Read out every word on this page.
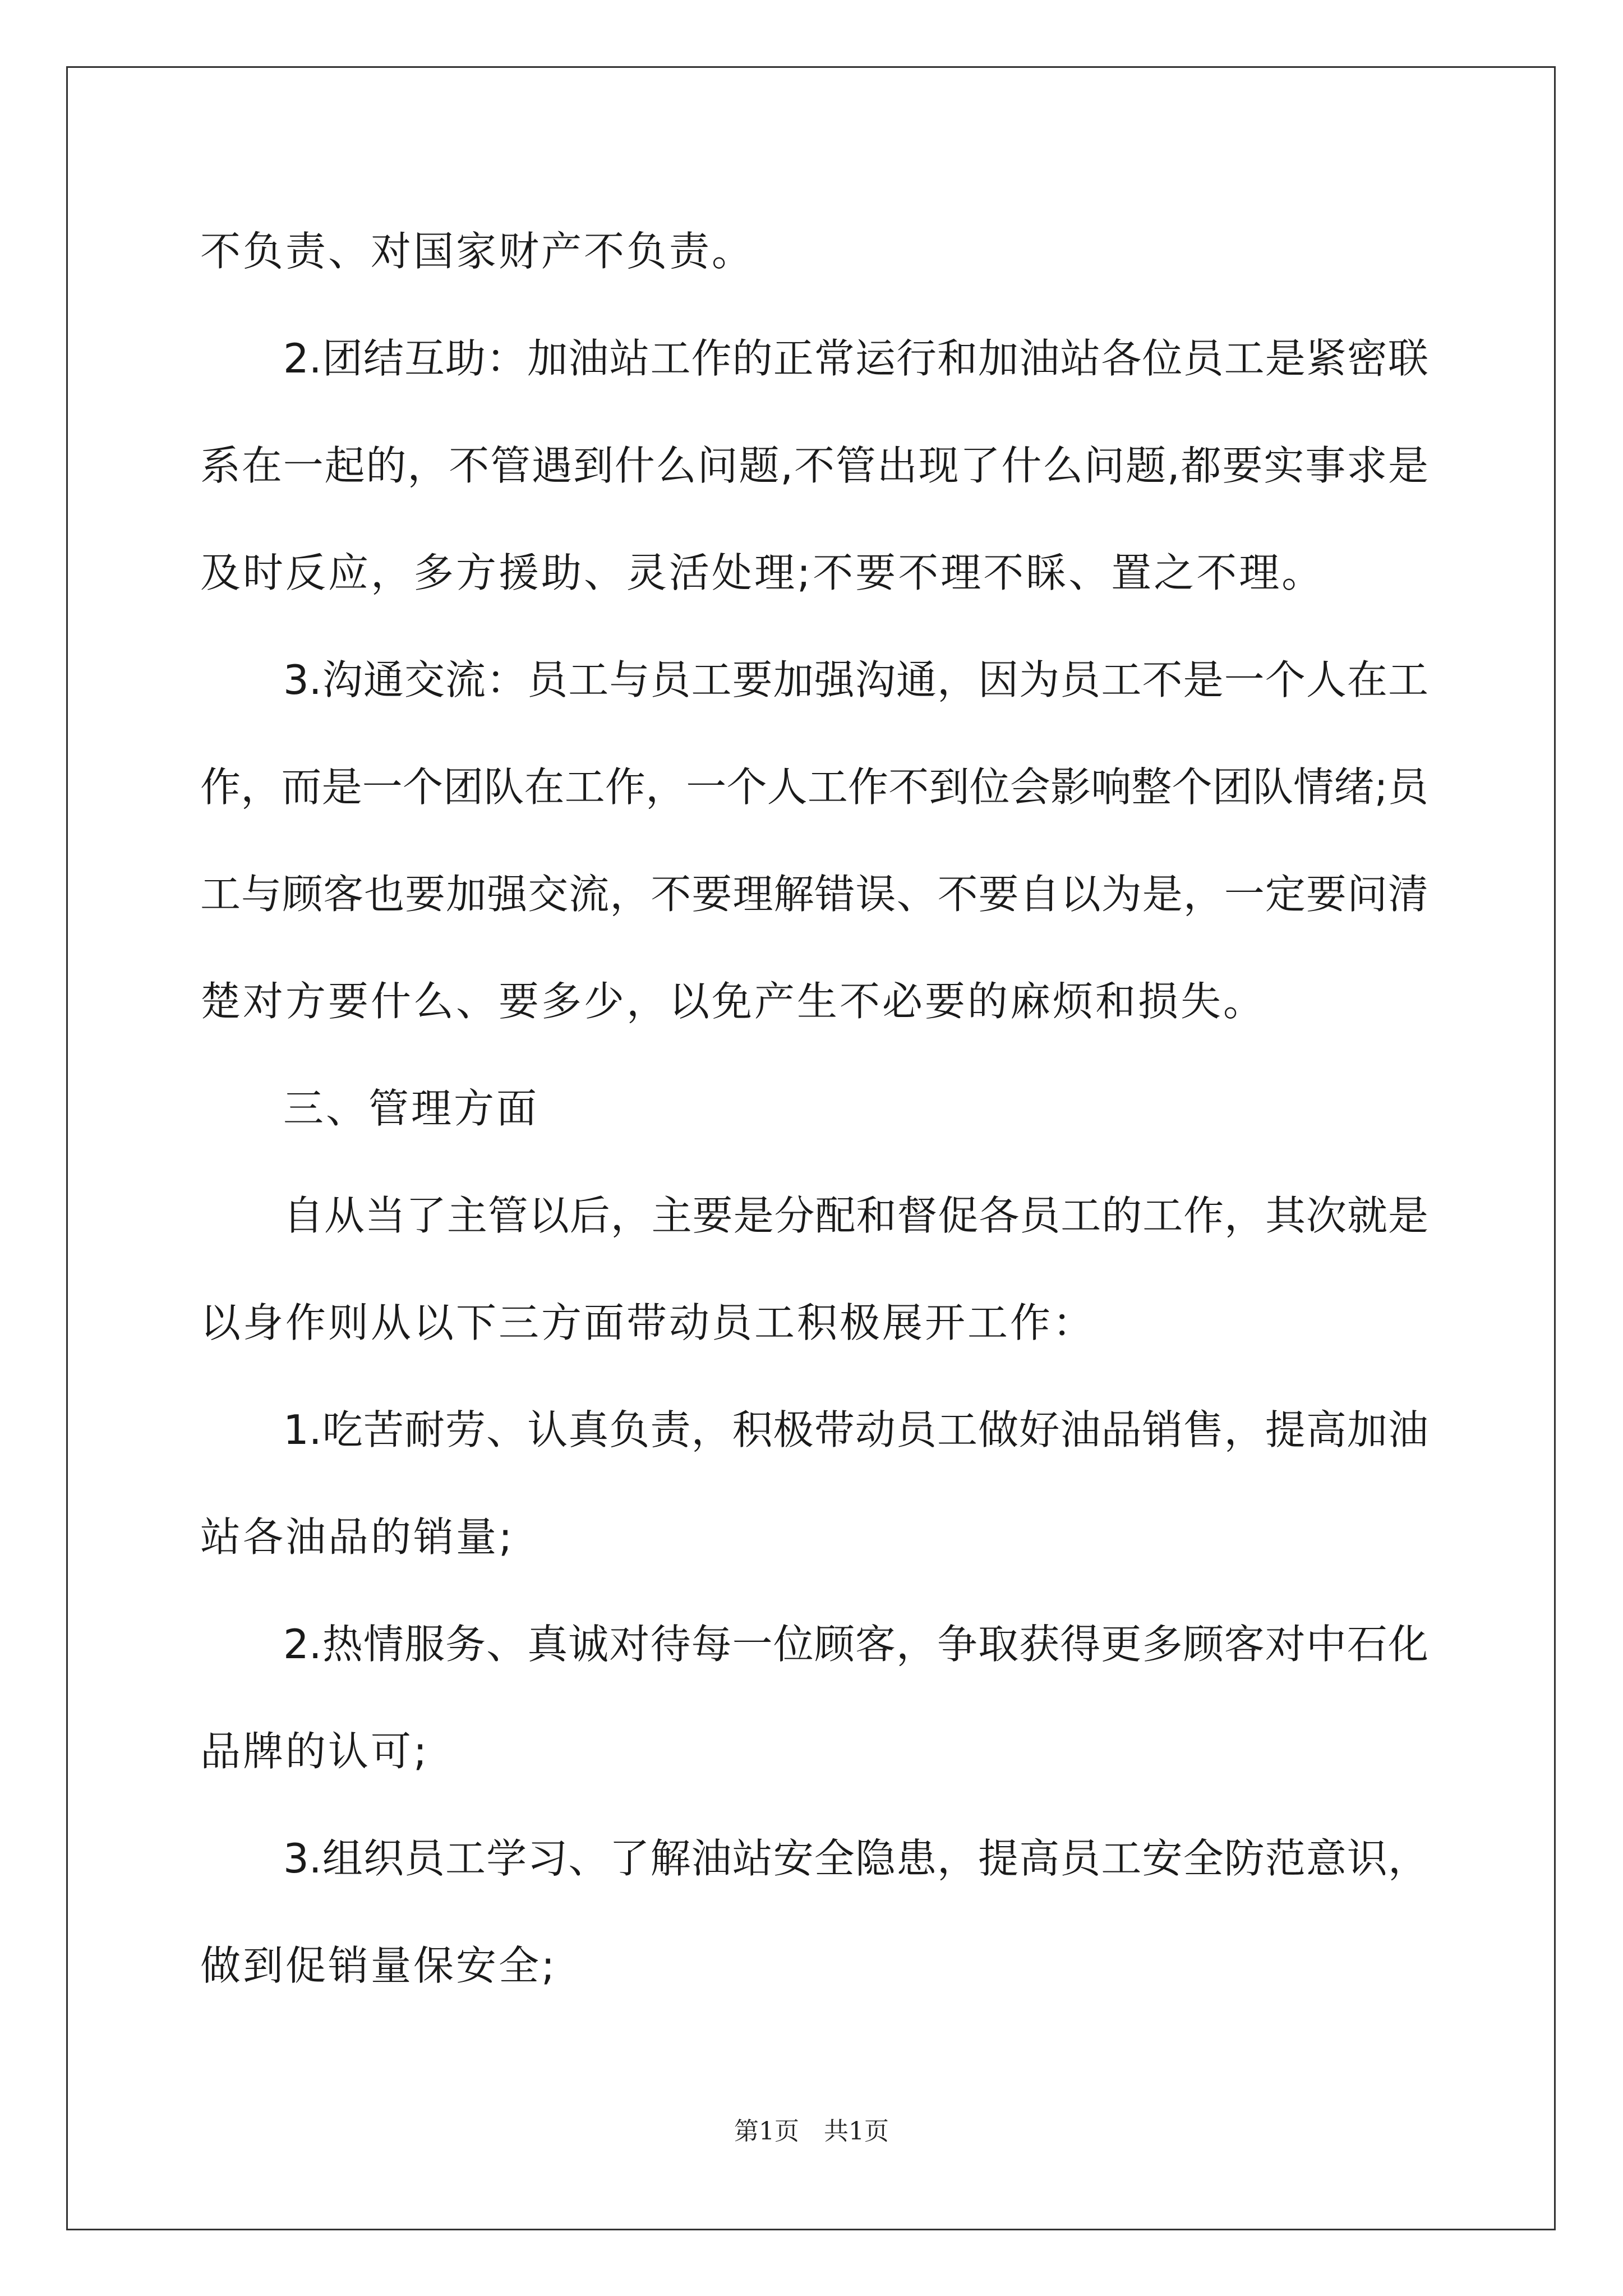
不负责、对国家财产不负责。
2.团结互助：加油站工作的正常运行和加油站各位员工是紧密联
系在一起的，不管遇到什么问题,不管出现了什么问题,都要实事求是
及时反应，多方援助、灵活处理;不要不理不睬、置之不理。
3.沟通交流：员工与员工要加强沟通，因为员工不是一个人在工
作，而是一个团队在工作，一个人工作不到位会影响整个团队情绪;员
工与顾客也要加强交流，不要理解错误、不要自以为是，一定要问清
楚对方要什么、要多少，以免产生不必要的麻烦和损失。
三、管理方面
自从当了主管以后，主要是分配和督促各员工的工作，其次就是
以身作则从以下三方面带动员工积极展开工作：
1.吃苦耐劳、认真负责，积极带动员工做好油品销售，提高加油
站各油品的销量;
2.热情服务、真诚对待每一位顾客，争取获得更多顾客对中石化
品牌的认可;
3.组织员工学习、了解油站安全隐患，提高员工安全防范意识，
做到促销量保安全;
第1页　共1页
